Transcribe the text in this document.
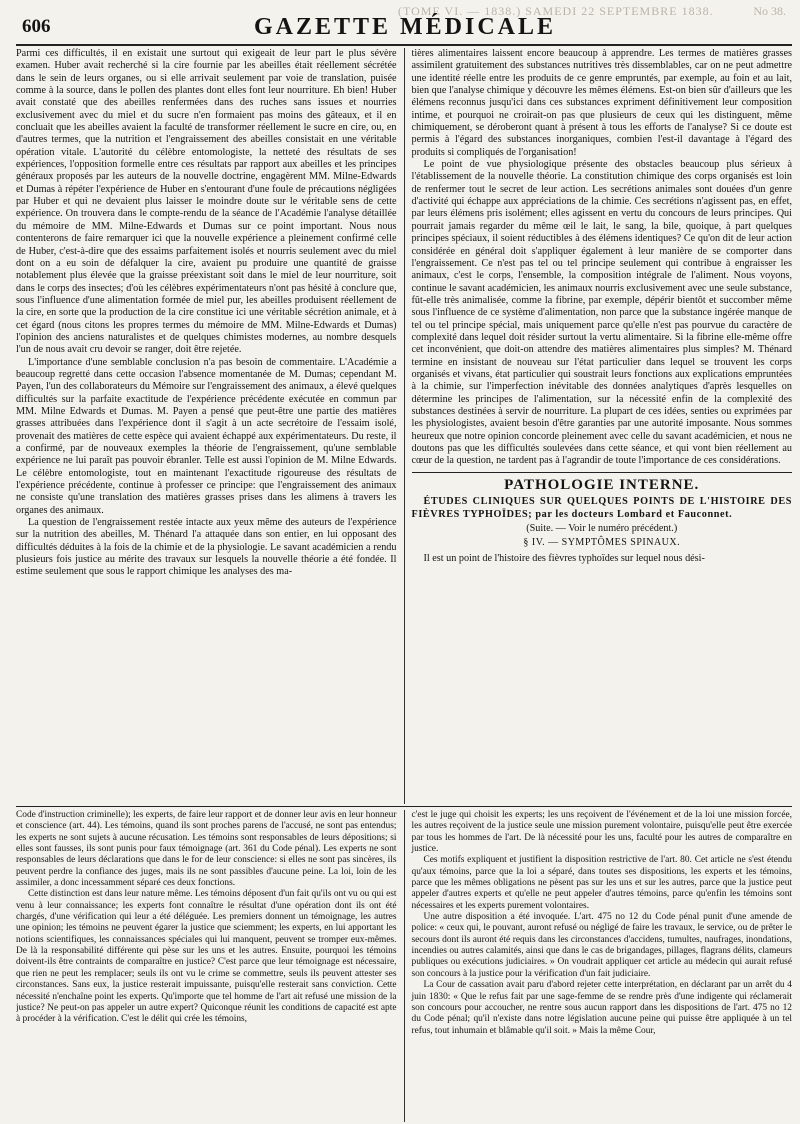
(TOME VI. — 1838.) SAMEDI 22 SEPTEMBRE 1838.	No 38.
606	GAZETTE MÉDICALE

Parmi ces difficultés, il en existait une surtout qui exigeait de leur part le plus sévère examen. Huber avait recherché si la cire fournie par les abeilles était réellement sécrétée dans le sein de leurs organes, ou si elle arrivait seulement par voie de translation, puisée comme à la source, dans le pollen des plantes dont elles font leur nourriture. Eh bien! Huber avait constaté que des abeilles renfermées dans des ruches sans issues et nourries exclusivement avec du miel et du sucre n'en formaient pas moins des gâteaux, et il en concluait que les abeilles avaient la faculté de transformer réellement le sucre en cire, ou, en d'autres termes, que la nutrition et l'engraissement des abeilles consistait en une véritable opération vitale. L'autorité du célèbre entomologiste, la netteté des résultats de ses expériences, l'opposition formelle entre ces résultats par rapport aux abeilles et les principes généraux proposés par les auteurs de la nouvelle doctrine, engagèrent MM. Milne-Edwards et Dumas à répéter l'expérience de Huber en s'entourant d'une foule de précautions négligées par Huber et qui ne devaient plus laisser le moindre doute sur le véritable sens de cette expérience. On trouvera dans le compte-rendu de la séance de l'Académie l'analyse détaillée du mémoire de MM. Milne-Edwards et Dumas sur ce point important. Nous nous contenterons de faire remarquer ici que la nouvelle expérience a pleinement confirmé celle de Huber, c'est-à-dire que des essaims parfaitement isolés et nourris seulement avec du miel dont on a eu soin de défalquer la cire, avaient pu produire une quantité de graisse notablement plus élevée que la graisse préexistant soit dans le miel de leur nourriture, soit dans le corps des insectes; d'où les célèbres expérimentateurs n'ont pas hésité à conclure que, sous l'influence d'une alimentation formée de miel pur, les abeilles produisent réellement de la cire, en sorte que la production de la cire constitue ici une véritable sécrétion animale, et à cet égard (nous citons les propres termes du mémoire de MM. Milne-Edwards et Dumas) l'opinion des anciens naturalistes et de quelques chimistes modernes, au nombre desquels l'un de nous avait cru devoir se ranger, doit être rejetée.

L'importance d'une semblable conclusion n'a pas besoin de commentaire. L'Académie a beaucoup regretté dans cette occasion l'absence momentanée de M. Dumas; cependant M. Payen, l'un des collaborateurs du Mémoire sur l'engraissement des animaux, a élevé quelques difficultés sur la parfaite exactitude de l'expérience précédente exécutée en commun par MM. Milne Edwards et Dumas. M. Payen a pensé que peut-être une partie des matières grasses attribuées dans l'expérience dont il s'agit à un acte secrétoire de l'essaim isolé, provenait des matières de cette espèce qui avaient échappé aux expérimentateurs. Du reste, il a confirmé, par de nouveaux exemples la théorie de l'engraissement, qu'une semblable expérience ne lui paraît pas pouvoir ébranler. Telle est aussi l'opinion de M. Milne Edwards. Le célèbre entomologiste, tout en maintenant l'exactitude rigoureuse des résultats de l'expérience précédente, continue à professer ce principe: que l'engraissement des animaux ne consiste qu'une translation des matières grasses prises dans les alimens à travers les organes des animaux.

La question de l'engraissement restée intacte aux yeux même des auteurs de l'expérience sur la nutrition des abeilles, M. Thénard l'a attaquée dans son entier, en lui opposant des difficultés déduites à la fois de la chimie et de la physiologie. Le savant académicien a rendu plusieurs fois justice au mérite des travaux sur lesquels la nouvelle théorie a été fondée. Il estime seulement que sous le rapport chimique les analyses des ma-

tières alimentaires laissent encore beaucoup à apprendre. Les termes de matières grasses assimilent gratuitement des substances nutritives très dissemblables, car on ne peut admettre une identité réelle entre les produits de ce genre empruntés, par exemple, au foin et au lait, bien que l'analyse chimique y découvre les mêmes élémens. Est-on bien sûr d'ailleurs que les élémens reconnus jusqu'ici dans ces substances expriment définitivement leur composition intime, et pourquoi ne croirait-on pas que plusieurs de ceux qui les distinguent, même chimiquement, se déroberont quant à présent à tous les efforts de l'analyse? Si ce doute est permis à l'égard des substances inorganiques, combien l'est-il davantage à l'égard des produits si compliqués de l'organisation!

Le point de vue physiologique présente des obstacles beaucoup plus sérieux à l'établissement de la nouvelle théorie. La constitution chimique des corps organisés est loin de renfermer tout le secret de leur action. Les secrétions animales sont douées d'un genre d'activité qui échappe aux appréciations de la chimie. Ces secrétions n'agissent pas, en effet, par leurs élémens pris isolément; elles agissent en vertu du concours de leurs principes. Qui pourrait jamais regarder du même œil le lait, le sang, la bile, quoique, à part quelques principes spéciaux, il soient réductibles à des élémens identiques? Ce qu'on dit de leur action considérée en général doit s'appliquer également à leur manière de se comporter dans l'engraissement. Ce n'est pas tel ou tel principe seulement qui contribue à engraisser les animaux, c'est le corps, l'ensemble, la composition intégrale de l'aliment. Nous voyons, continue le savant académicien, les animaux nourris exclusivement avec une seule substance, fût-elle très animalisée, comme la fibrine, par exemple, dépérir bientôt et succomber même sous l'influence de ce système d'alimentation, non parce que la substance ingérée manque de tel ou tel principe spécial, mais uniquement parce qu'elle n'est pas pourvue du caractère de complexité dans lequel doit résider surtout la vertu alimentaire. Si la fibrine elle-même offre cet inconvénient, que doit-on attendre des matières alimentaires plus simples? M. Thénard termine en insistant de nouveau sur l'état particulier dans lequel se trouvent les corps organisés et vivans, état particulier qui soustrait leurs fonctions aux explications empruntées à la chimie, sur l'imperfection inévitable des données analytiques d'après lesquelles on détermine les principes de l'alimentation, sur la nécessité enfin de la complexité des substances destinées à servir de nourriture. La plupart de ces idées, senties ou exprimées par les physiologistes, avaient besoin d'être garanties par une autorité imposante. Nous sommes heureux que notre opinion concorde pleinement avec celle du savant académicien, et nous ne doutons pas que les difficultés soulevées dans cette séance, et qui vont bien réellement au cœur de la question, ne tardent pas à l'agrandir de toute l'importance de ces considérations.

PATHOLOGIE INTERNE.

ÉTUDES CLINIQUES SUR QUELQUES POINTS DE L'HISTOIRE DES FIÈVRES TYPHOÏDES; par les docteurs Lombard et Fauconnet.

(Suite. — Voir le numéro précédent.)
§ IV. — SYMPTÔMES SPINAUX.

Il est un point de l'histoire des fièvres typhoïdes sur lequel nous dési-

Code d'instruction criminelle); les experts, de faire leur rapport et de donner leur avis en leur honneur et conscience (art. 44). Les témoins, quand ils sont proches parens de l'accusé, ne sont pas entendus; les experts ne sont sujets à aucune récusation. Les témoins sont responsables de leurs dépositions; si elles sont fausses, ils sont punis pour faux témoignage (art. 361 du Code pénal). Les experts ne sont responsables de leurs déclarations que dans le for de leur conscience: si elles ne sont pas sincères, ils peuvent perdre la confiance des juges, mais ils ne sont passibles d'aucune peine. La loi, loin de les assimiler, a donc incessamment séparé ces deux fonctions.

Cette distinction est dans leur nature même. Les témoins déposent d'un fait qu'ils ont vu ou qui est venu à leur connaissance; les experts font connaître le résultat d'une opération dont ils ont été chargés, d'une vérification qui leur a été déléguée. Les premiers donnent un témoignage, les autres une opinion; les témoins ne peuvent égarer la justice que sciemment; les experts, en lui apportant les notions scientifiques, les connaissances spéciales qui lui manquent, peuvent se tromper eux-mêmes. De là la responsabilité différente qui pèse sur les uns et les autres. Ensuite, pourquoi les témoins doivent-ils être contraints de comparaître en justice? C'est parce que leur témoignage est nécessaire, que rien ne peut les remplacer; seuls ils ont vu le crime se commettre, seuls ils peuvent attester ses circonstances. Sans eux, la justice resterait impuissante, puisqu'elle resterait sans conviction. Cette nécessité n'enchaîne point les experts. Qu'importe que tel homme de l'art ait refusé une mission de la justice? Ne peut-on pas appeler un autre expert? Quiconque réunit les conditions de capacité est apte à procéder à la vérification. C'est le délit qui crée les témoins,

c'est le juge qui choisit les experts; les uns reçoivent de l'événement et de la loi une mission forcée, les autres reçoivent de la justice seule une mission purement volontaire, puisqu'elle peut être exercée par tous les hommes de l'art. De là nécessité pour les uns, faculté pour les autres de comparaître en justice.

Ces motifs expliquent et justifient la disposition restrictive de l'art. 80. Cet article ne s'est étendu qu'aux témoins, parce que la loi a séparé, dans toutes ses dispositions, les experts et les témoins, parce que les mêmes obligations ne pèsent pas sur les uns et sur les autres, parce que la justice peut appeler d'autres experts et qu'elle ne peut appeler d'autres témoins, parce qu'enfin les témoins sont nécessaires et les experts purement volontaires.

Une autre disposition a été invoquée. L'art. 475 no 12 du Code pénal punit d'une amende de police: « ceux qui, le pouvant, auront refusé ou négligé de faire les travaux, le service, ou de prêter le secours dont ils auront été requis dans les circonstances d'accidens, tumultes, naufrages, inondations, incendies ou autres calamités, ainsi que dans le cas de brigandages, pillages, flagrans délits, clameurs publiques ou exécutions judiciaires. » On voudrait appliquer cet article au médecin qui aurait refusé son concours à la justice pour la vérification d'un fait judiciaire.

La Cour de cassation avait paru d'abord rejeter cette interprétation, en déclarant par un arrêt du 4 juin 1830: « Que le refus fait par une sage-femme de se rendre près d'une indigente qui réclamerait son concours pour accoucher, ne rentre sous aucun rapport dans les dispositions de l'art. 475 no 12 du Code pénal; qu'il n'existe dans notre législation aucune peine qui puisse être appliquée à un tel refus, tout inhumain et blâmable qu'il soit. » Mais la même Cour,
